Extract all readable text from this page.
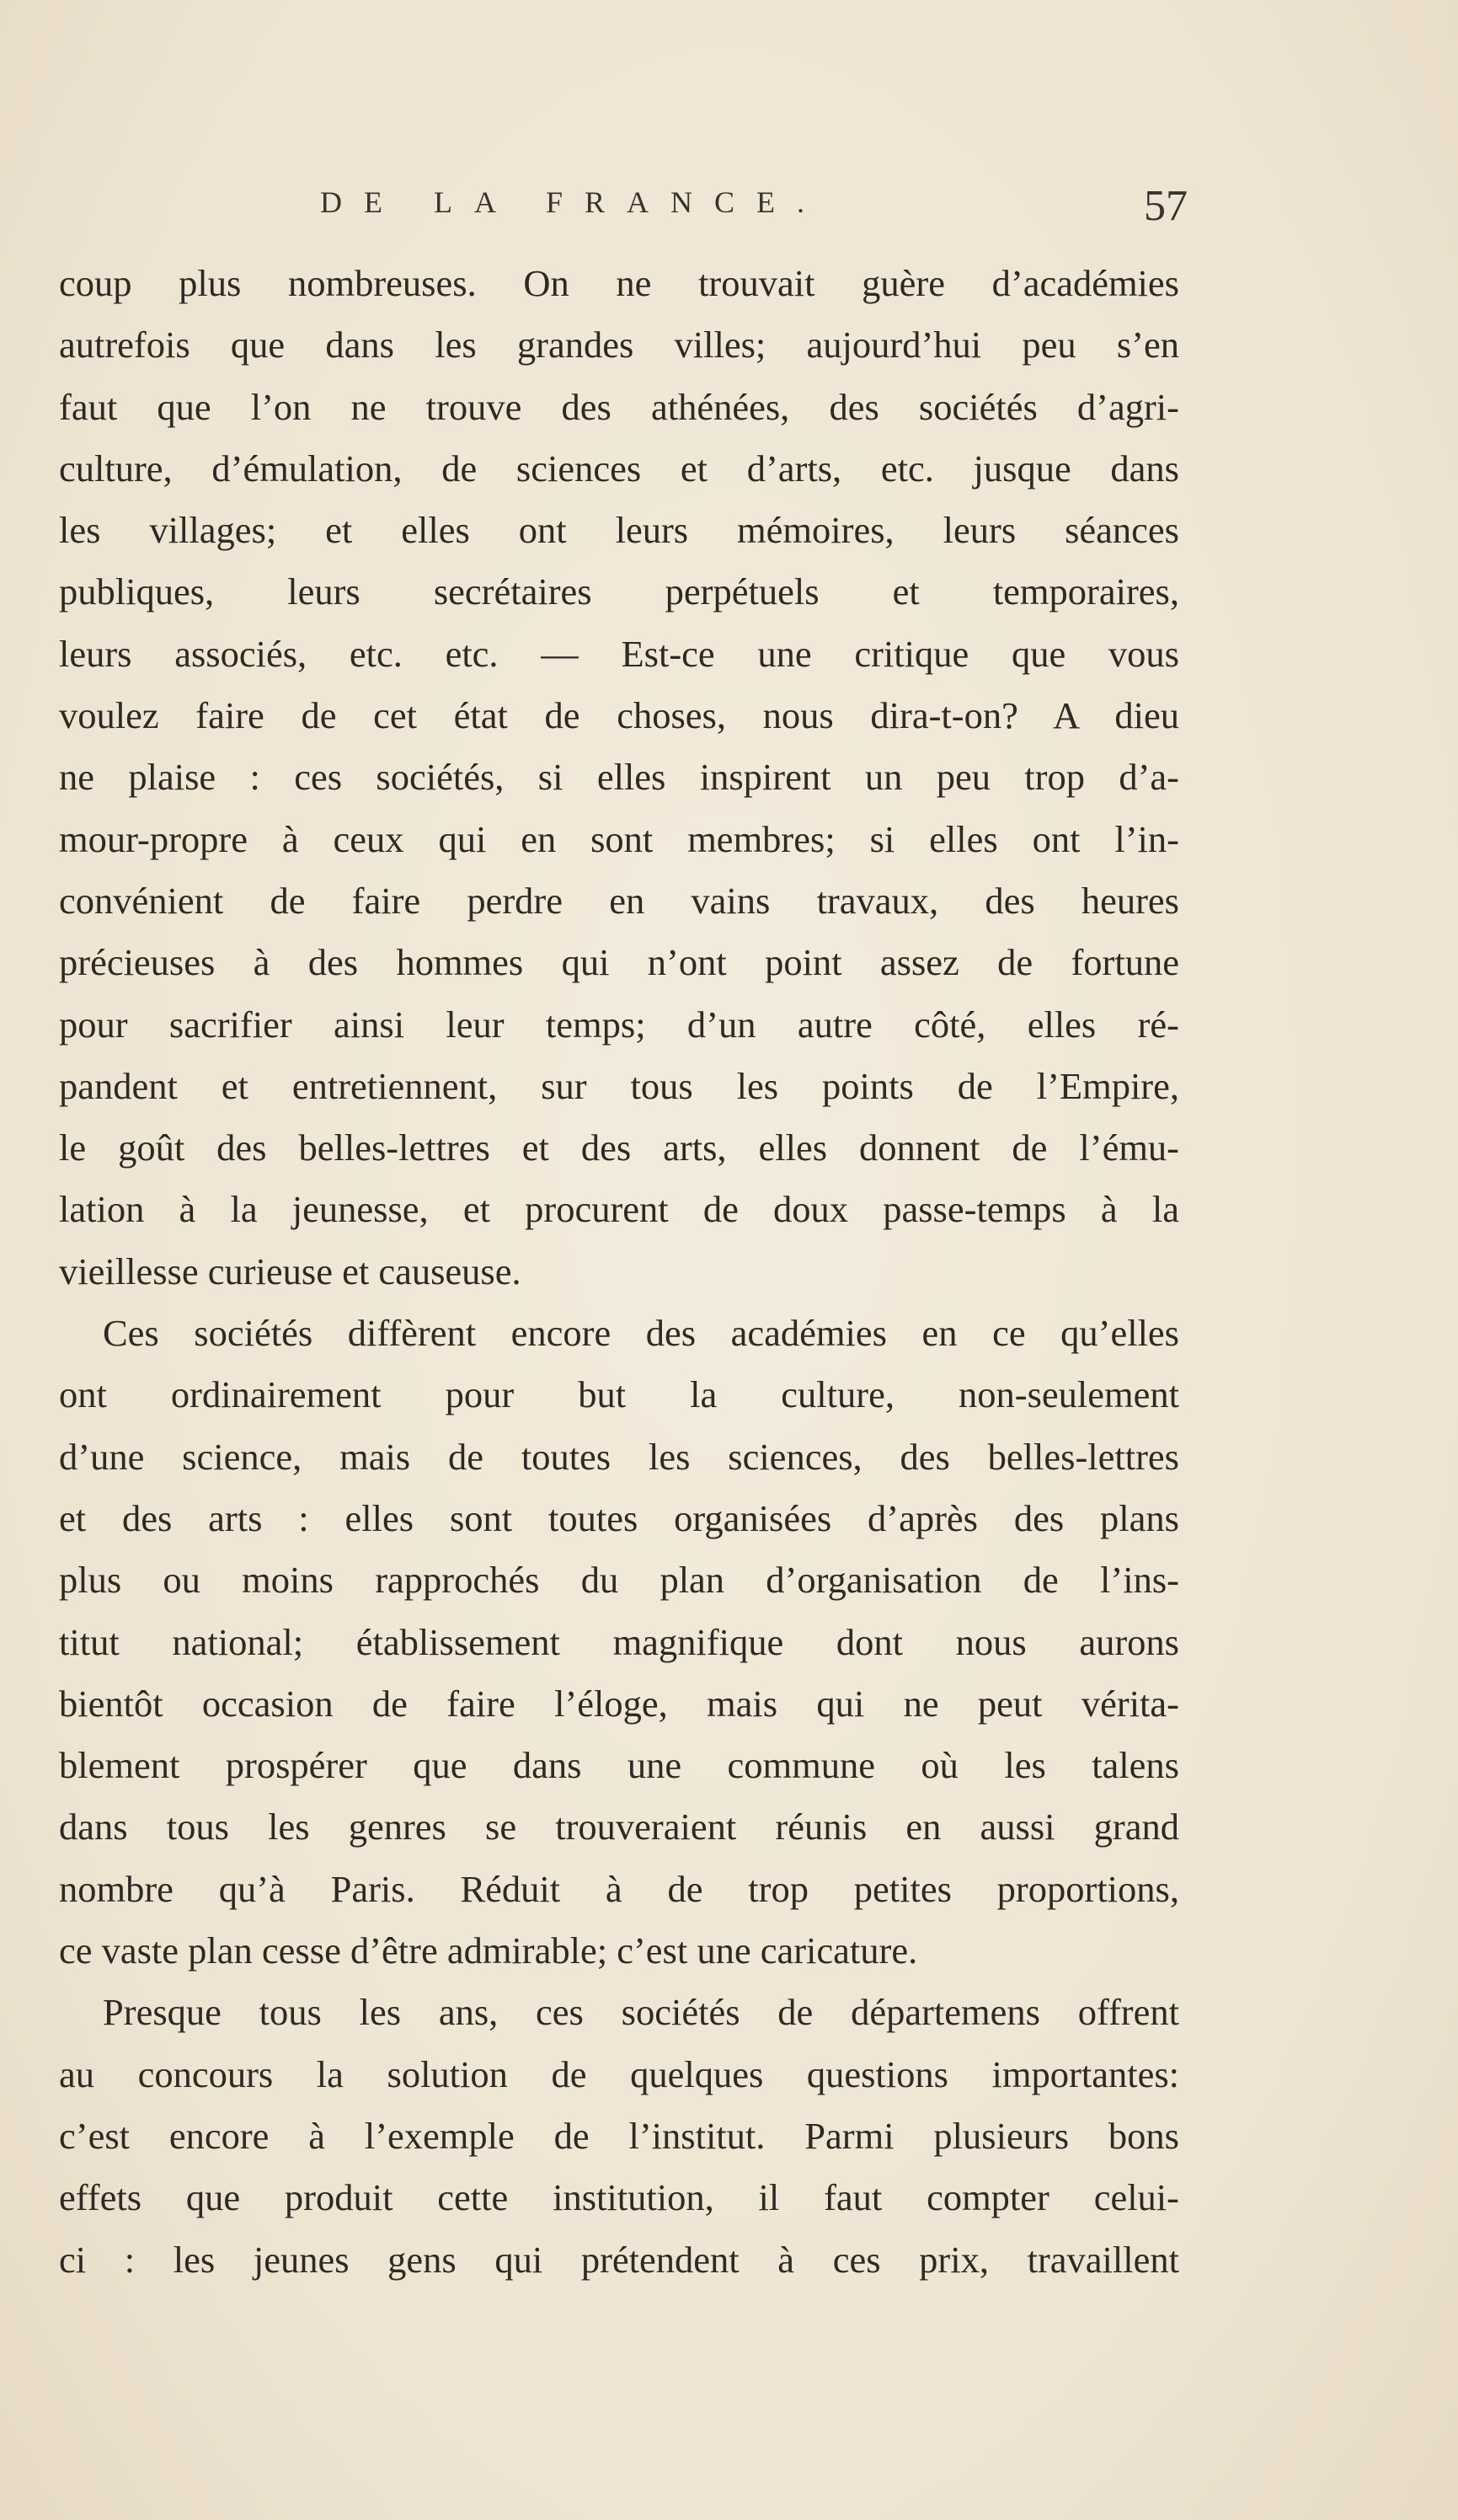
DE LA FRANCE.	57
coup plus nombreuses. On ne trouvait guère d’académies
autrefois que dans les grandes villes; aujourd’hui peu s’en
faut que l’on ne trouve des athénées, des sociétés d’agri-
culture, d’émulation, de sciences et d’arts, etc. jusque dans
les villages; et elles ont leurs mémoires, leurs séances
publiques, leurs secrétaires perpétuels et temporaires,
leurs associés, etc. etc. — Est-ce une critique que vous
voulez faire de cet état de choses, nous dira-t-on? A dieu
ne plaise : ces sociétés, si elles inspirent un peu trop d’a-
mour-propre à ceux qui en sont membres; si elles ont l’in-
convénient de faire perdre en vains travaux, des heures
précieuses à des hommes qui n’ont point assez de fortune
pour sacrifier ainsi leur temps; d’un autre côté, elles ré-
pandent et entretiennent, sur tous les points de l’Empire,
le goût des belles-lettres et des arts, elles donnent de l’ému-
lation à la jeunesse, et procurent de doux passe-temps à la
vieillesse curieuse et causeuse.
Ces sociétés diffèrent encore des académies en ce qu’elles
ont ordinairement pour but la culture, non-seulement
d’une science, mais de toutes les sciences, des belles-lettres
et des arts : elles sont toutes organisées d’après des plans
plus ou moins rapprochés du plan d’organisation de l’ins-
titut national; établissement magnifique dont nous aurons
bientôt occasion de faire l’éloge, mais qui ne peut vérita-
blement prospérer que dans une commune où les talens
dans tous les genres se trouveraient réunis en aussi grand
nombre qu’à Paris. Réduit à de trop petites proportions,
ce vaste plan cesse d’être admirable; c’est une caricature.
Presque tous les ans, ces sociétés de départemens offrent
au concours la solution de quelques questions importantes:
c’est encore à l’exemple de l’institut. Parmi plusieurs bons
effets que produit cette institution, il faut compter celui-
ci : les jeunes gens qui prétendent à ces prix, travaillent
